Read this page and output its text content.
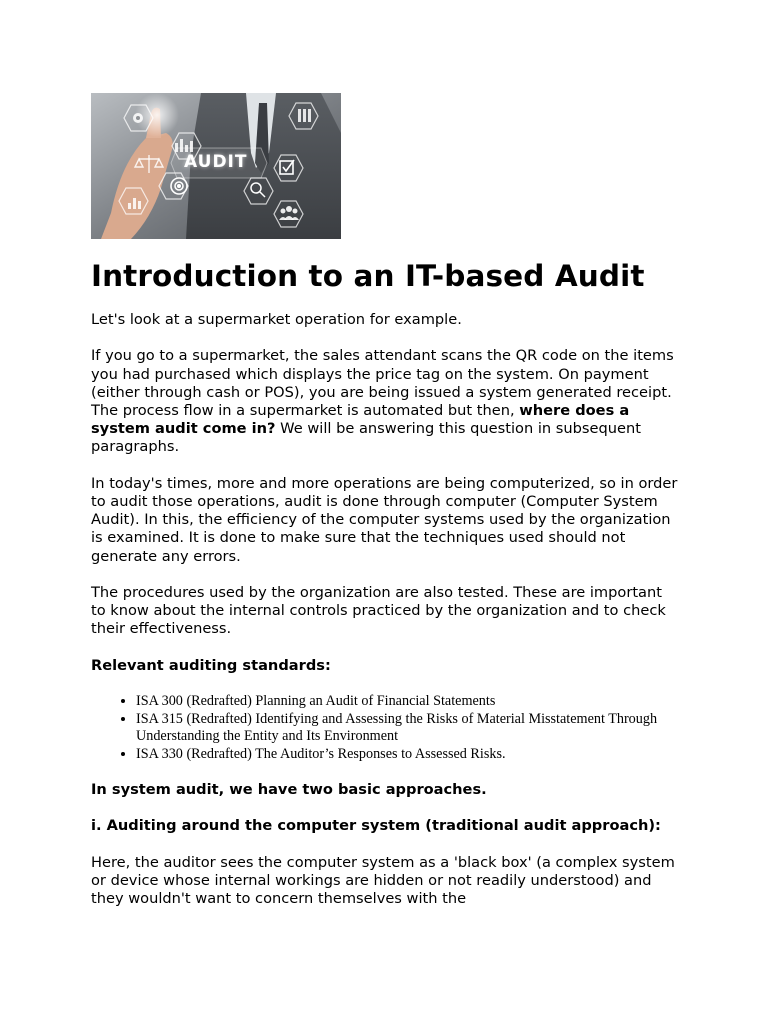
AUDIT
Introduction to an IT-based Audit

Let's look at a supermarket operation for example.

If you go to a supermarket, the sales attendant scans the QR code on the items you had purchased which displays the price tag on the system. On payment (either through cash or POS), you are being issued a system generated receipt. The process flow in a supermarket is automated but then, where does a system audit come in? We will be answering this question in subsequent paragraphs.

In today's times, more and more operations are being computerized, so in order to audit those operations, audit is done through computer (Computer System Audit). In this, the efficiency of the computer systems used by the organization is examined. It is done to make sure that the techniques used should not generate any errors.

The procedures used by the organization are also tested. These are important to know about the internal controls practiced by the organization and to check their effectiveness.

Relevant auditing standards:

• ISA 300 (Redrafted) Planning an Audit of Financial Statements
• ISA 315 (Redrafted) Identifying and Assessing the Risks of Material Misstatement Through Understanding the Entity and Its Environment
• ISA 330 (Redrafted) The Auditor’s Responses to Assessed Risks.

In system audit, we have two basic approaches.

i. Auditing around the computer system (traditional audit approach):

Here, the auditor sees the computer system as a 'black box' (a complex system or device whose internal workings are hidden or not readily understood) and they wouldn't want to concern themselves with the
